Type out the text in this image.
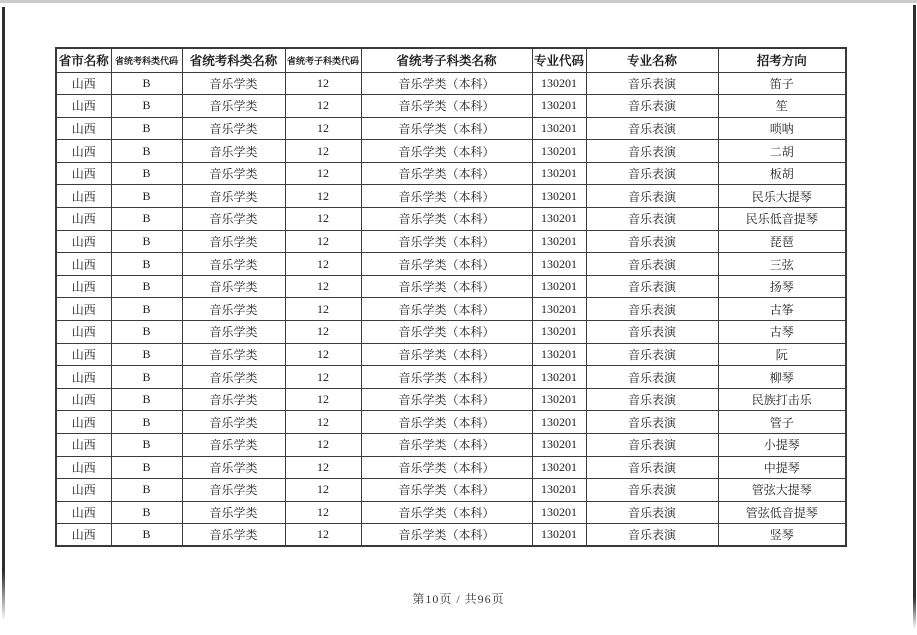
省市名称	省统考科类代码	省统考科类名称	省统考子科类代码	省统考子科类名称	专业代码	专业名称	招考方向
山西	B	音乐学类	12	音乐学类（本科）	130201	音乐表演	笛子
山西	B	音乐学类	12	音乐学类（本科）	130201	音乐表演	笙
山西	B	音乐学类	12	音乐学类（本科）	130201	音乐表演	唢呐
山西	B	音乐学类	12	音乐学类（本科）	130201	音乐表演	二胡
山西	B	音乐学类	12	音乐学类（本科）	130201	音乐表演	板胡
山西	B	音乐学类	12	音乐学类（本科）	130201	音乐表演	民乐大提琴
山西	B	音乐学类	12	音乐学类（本科）	130201	音乐表演	民乐低音提琴
山西	B	音乐学类	12	音乐学类（本科）	130201	音乐表演	琵琶
山西	B	音乐学类	12	音乐学类（本科）	130201	音乐表演	三弦
山西	B	音乐学类	12	音乐学类（本科）	130201	音乐表演	扬琴
山西	B	音乐学类	12	音乐学类（本科）	130201	音乐表演	古筝
山西	B	音乐学类	12	音乐学类（本科）	130201	音乐表演	古琴
山西	B	音乐学类	12	音乐学类（本科）	130201	音乐表演	阮
山西	B	音乐学类	12	音乐学类（本科）	130201	音乐表演	柳琴
山西	B	音乐学类	12	音乐学类（本科）	130201	音乐表演	民族打击乐
山西	B	音乐学类	12	音乐学类（本科）	130201	音乐表演	管子
山西	B	音乐学类	12	音乐学类（本科）	130201	音乐表演	小提琴
山西	B	音乐学类	12	音乐学类（本科）	130201	音乐表演	中提琴
山西	B	音乐学类	12	音乐学类（本科）	130201	音乐表演	管弦大提琴
山西	B	音乐学类	12	音乐学类（本科）	130201	音乐表演	管弦低音提琴
山西	B	音乐学类	12	音乐学类（本科）	130201	音乐表演	竖琴
第10页 / 共96页
